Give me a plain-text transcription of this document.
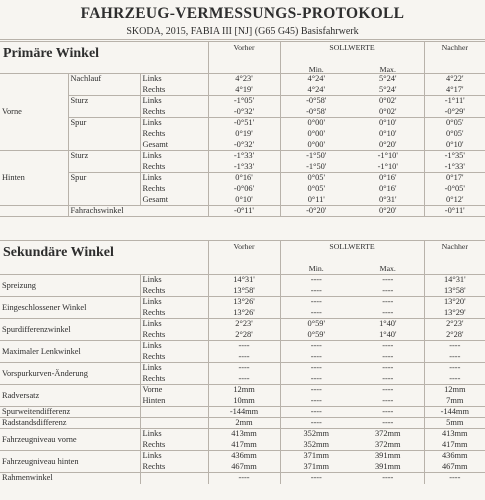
FAHRZEUG-VERMESSUNGS-PROTOKOLL
SKODA, 2015, FABIA III [NJ] (G65 G45) Basisfahrwerk
Primäre Winkel	Vorher	SOLLWERTE		Nachher
		Min.	Max.	
Vorne	Nachlauf	Links	4°23'	4°24'	5°24'	4°22'
		Rechts	4°19'	4°24'	5°24'	4°17'
	Sturz	Links	-1°05'	-0°58'	0°02'	-1°11'
		Rechts	-0°32'	-0°58'	0°02'	-0°29'
	Spur	Links	-0°51'	0°00'	0°10'	0°05'
		Rechts	0°19'	0°00'	0°10'	0°05'
		Gesamt	-0°32'	0°00'	0°20'	0°10'
Hinten	Sturz	Links	-1°33'	-1°50'	-1°10'	-1°35'
		Rechts	-1°33'	-1°50'	-1°10'	-1°33'
	Spur	Links	0°16'	0°05'	0°16'	0°17'
		Rechts	-0°06'	0°05'	0°16'	-0°05'
		Gesamt	0°10'	0°11'	0°31'	0°12'
	Fahrachswinkel		-0°11'	-0°20'	0°20'	-0°11'
Sekundäre Winkel		Vorher	SOLLWERTE		Nachher
			Min.	Max.	
Spreizung	Links	14°31'	----	----	14°31'
	Rechts	13°58'	----	----	13°58'
Eingeschlossener Winkel	Links	13°26'	----	----	13°20'
	Rechts	13°26'	----	----	13°29'
Spurdifferenzwinkel	Links	2°23'	0°59'	1°40'	2°23'
	Rechts	2°28'	0°59'	1°40'	2°28'
Maximaler Lenkwinkel	Links	----	----	----	----
	Rechts	----	----	----	----
Vorspurkurven-Änderung	Links	----	----	----	----
	Rechts	----	----	----	----
Radversatz	Vorne	12mm	----	----	12mm
	Hinten	10mm	----	----	7mm
Spurweitendifferenz		-144mm	----	----	-144mm
Radstandsdifferenz		2mm	----	----	5mm
Fahrzeugniveau vorne	Links	413mm	352mm	372mm	413mm
	Rechts	417mm	352mm	372mm	417mm
Fahrzeugniveau hinten	Links	436mm	371mm	391mm	436mm
	Rechts	467mm	371mm	391mm	467mm
Rahmenwinkel		----	----	----	----
